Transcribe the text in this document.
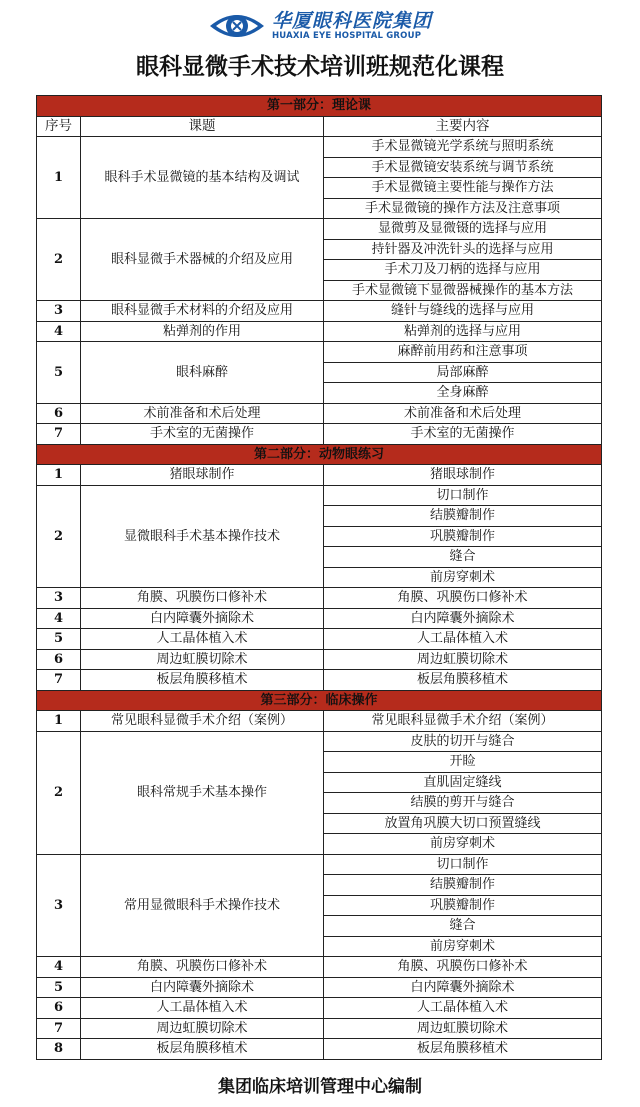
华厦眼科医院集团
HUAXIA EYE HOSPITAL GROUP
眼科显微手术技术培训班规范化课程
第一部分：理论课		
序号	课题	主要内容
1	眼科手术显微镜的基本结构及调试	手术显微镜光学系统与照明系统
		手术显微镜安装系统与调节系统
		手术显微镜主要性能与操作方法
		手术显微镜的操作方法及注意事项
2	眼科显微手术器械的介绍及应用	显微剪及显微镊的选择与应用
		持针器及冲洗针头的选择与应用
		手术刀及刀柄的选择与应用
		手术显微镜下显微器械操作的基本方法
3	眼科显微手术材料的介绍及应用	缝针与缝线的选择与应用
4	粘弹剂的作用	粘弹剂的选择与应用
5	眼科麻醉	麻醉前用药和注意事项
		局部麻醉
		全身麻醉
6	术前准备和术后处理	术前准备和术后处理
7	手术室的无菌操作	手术室的无菌操作
第二部分：动物眼练习		
1	猪眼球制作	猪眼球制作
2	显微眼科手术基本操作技术	切口制作
		结膜瓣制作
		巩膜瓣制作
		缝合
		前房穿刺术
3	角膜、巩膜伤口修补术	角膜、巩膜伤口修补术
4	白内障囊外摘除术	白内障囊外摘除术
5	人工晶体植入术	人工晶体植入术
6	周边虹膜切除术	周边虹膜切除术
7	板层角膜移植术	板层角膜移植术
第三部分：临床操作		
1	常见眼科显微手术介绍（案例）	常见眼科显微手术介绍（案例）
2	眼科常规手术基本操作	皮肤的切开与缝合
		开睑
		直肌固定缝线
		结膜的剪开与缝合
		放置角巩膜大切口预置缝线
		前房穿刺术
3	常用显微眼科手术操作技术	切口制作
		结膜瓣制作
		巩膜瓣制作
		缝合
		前房穿刺术
4	角膜、巩膜伤口修补术	角膜、巩膜伤口修补术
5	白内障囊外摘除术	白内障囊外摘除术
6	人工晶体植入术	人工晶体植入术
7	周边虹膜切除术	周边虹膜切除术
8	板层角膜移植术	板层角膜移植术
集团临床培训管理中心编制
